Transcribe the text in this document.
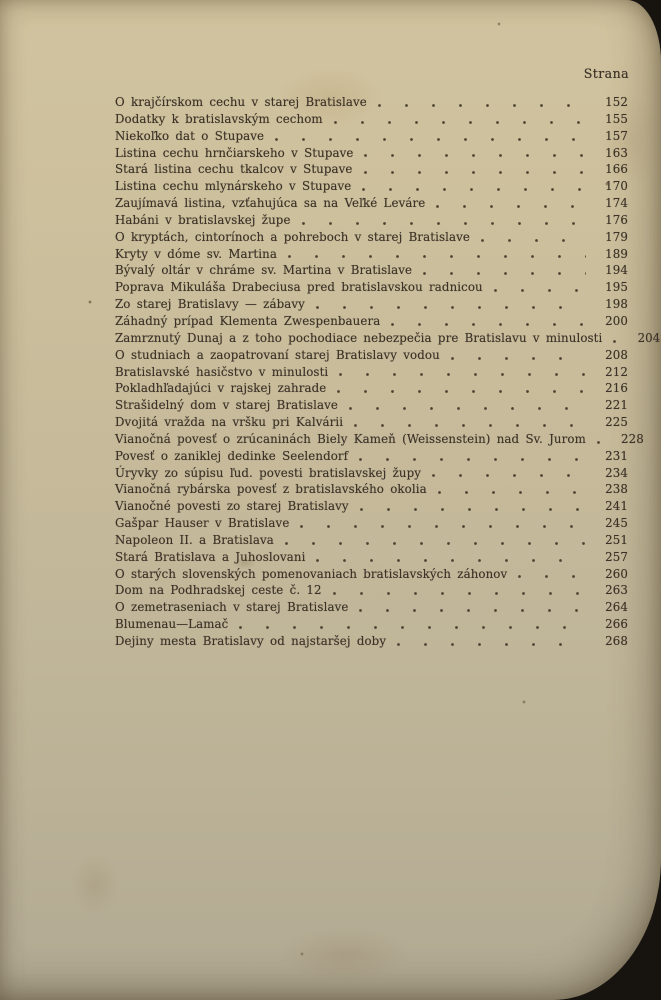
Strana
O krajčírskom cechu v starej Bratislave	152
Dodatky k bratislavským cechom	155
Niekoľko dat o Stupave	157
Listina cechu hrnčiarskeho v Stupave	163
Stará listina cechu tkalcov v Stupave	166
Listina cechu mlynárskeho v Stupave	170
Zaujímavá listina, vzťahujúca sa na Veľké Leváre	174
Habáni v bratislavskej župe	176
O kryptách, cintorínoch a pohreboch v starej Bratislave	179
Kryty v dóme sv. Martina	189
Bývalý oltár v chráme sv. Martina v Bratislave	194
Poprava Mikuláša Drabeciusa pred bratislavskou radnicou	195
Zo starej Bratislavy — zábavy	198
Záhadný prípad Klementa Zwespenbauera	200
Zamrznutý Dunaj a z toho pochodiace nebezpečia pre Bratislavu v minulosti	204
O studniach a zaopatrovaní starej Bratislavy vodou	208
Bratislavské hasičstvo v minulosti	212
Pokladhľadajúci v rajskej zahrade	216
Strašidelný dom v starej Bratislave	221
Dvojitá vražda na vršku pri Kalvárii	225
Vianočná povesť o zrúcaninách Biely Kameň (Weissenstein) nad Sv. Jurom	228
Povesť o zaniklej dedinke Seelendorf	231
Úryvky zo súpisu ľud. povesti bratislavskej župy	234
Vianočná rybárska povesť z bratislavského okolia	238
Vianočné povesti zo starej Bratislavy	241
Gašpar Hauser v Bratislave	245
Napoleon II. a Bratislava	251
Stará Bratislava a Juhoslovani	257
O starých slovenských pomenovaniach bratislavských záhonov	260
Dom na Podhradskej ceste č. 12	263
O zemetraseniach v starej Bratislave	264
Blumenau—Lamač	266
Dejiny mesta Bratislavy od najstaršej doby	268
